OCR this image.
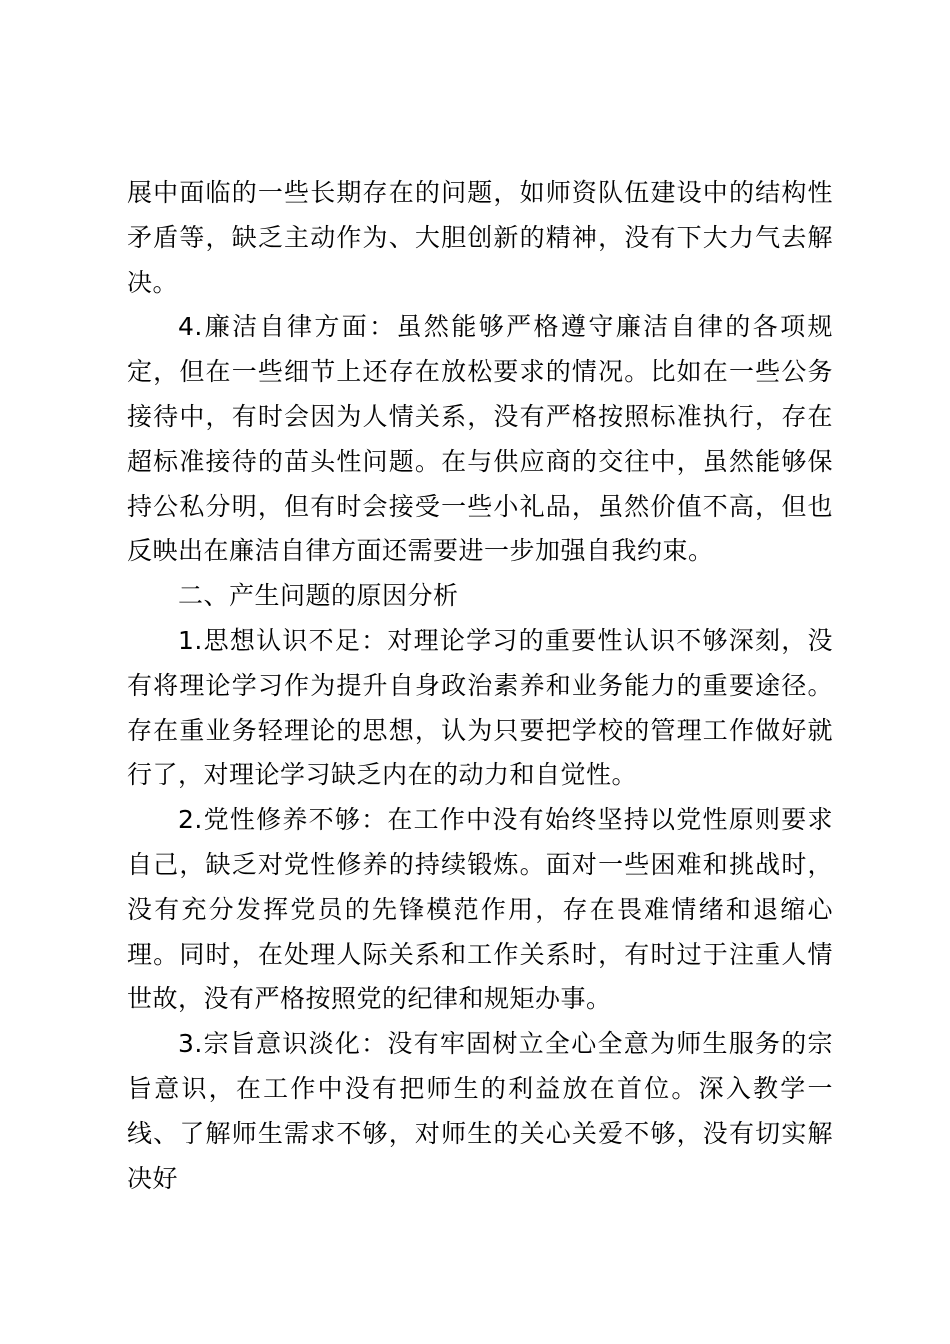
展中面临的一些长期存在的问题，如师资队伍建设中的结构性矛盾等，缺乏主动作为、大胆创新的精神，没有下大力气去解决。

4.廉洁自律方面：虽然能够严格遵守廉洁自律的各项规定，但在一些细节上还存在放松要求的情况。比如在一些公务接待中，有时会因为人情关系，没有严格按照标准执行，存在超标准接待的苗头性问题。在与供应商的交往中，虽然能够保持公私分明，但有时会接受一些小礼品，虽然价值不高，但也反映出在廉洁自律方面还需要进一步加强自我约束。

二、产生问题的原因分析

1.思想认识不足：对理论学习的重要性认识不够深刻，没有将理论学习作为提升自身政治素养和业务能力的重要途径。存在重业务轻理论的思想，认为只要把学校的管理工作做好就行了，对理论学习缺乏内在的动力和自觉性。

2.党性修养不够：在工作中没有始终坚持以党性原则要求自己，缺乏对党性修养的持续锻炼。面对一些困难和挑战时，没有充分发挥党员的先锋模范作用，存在畏难情绪和退缩心理。同时，在处理人际关系和工作关系时，有时过于注重人情世故，没有严格按照党的纪律和规矩办事。

3.宗旨意识淡化：没有牢固树立全心全意为师生服务的宗旨意识，在工作中没有把师生的利益放在首位。深入教学一线、了解师生需求不够，对师生的关心关爱不够，没有切实解决好
